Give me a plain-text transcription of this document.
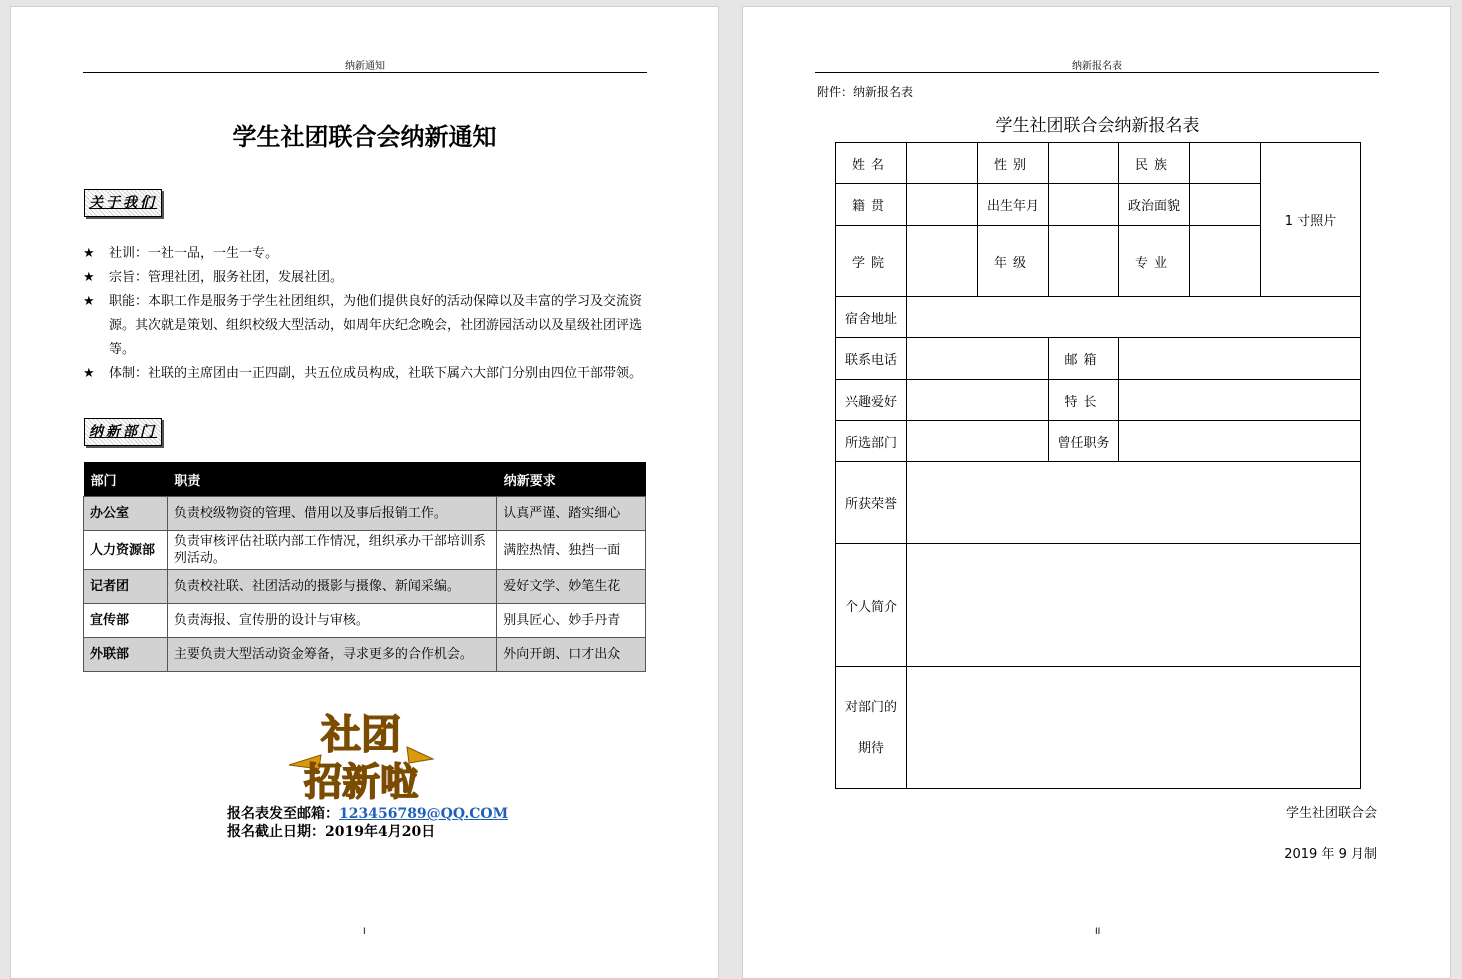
纳新通知
学生社团联合会纳新通知
关于我们
★ 社训：一社一品，一生一专。
★ 宗旨：管理社团，服务社团，发展社团。
★ 职能：本职工作是服务于学生社团组织，为他们提供良好的活动保障以及丰富的学习及交流资源。其次就是策划、组织校级大型活动，如周年庆纪念晚会，社团游园活动以及星级社团评选等。
★ 体制：社联的主席团由一正四副，共五位成员构成，社联下属六大部门分别由四位干部带领。
纳新部门
部门	职责	纳新要求
办公室	负责校级物资的管理、借用以及事后报销工作。	认真严谨、踏实细心
人力资源部	负责审核评估社联内部工作情况，组织承办干部培训系列活动。	满腔热情、独挡一面
记者团	负责校社联、社团活动的摄影与摄像、新闻采编。	爱好文学、妙笔生花
宣传部	负责海报、宣传册的设计与审核。	别具匠心、妙手丹青
外联部	主要负责大型活动资金筹备，寻求更多的合作机会。	外向开朗、口才出众
社团
招新啦
报名表发至邮箱：123456789@QQ.COM
报名截止日期：2019年4月20日
I
纳新报名表
附件：纳新报名表
学生社团联合会纳新报名表
姓名		性别		民族		1 寸照片
籍贯		出生年月		政治面貌		
学院		年级		专业		
宿舍地址						
联系电话			邮箱			
兴趣爱好			特长			
所选部门			曾任职务			
所获荣誉						
个人简介						

对部门的
期待						

学生社团联合会
2019 年 9 月制
II
